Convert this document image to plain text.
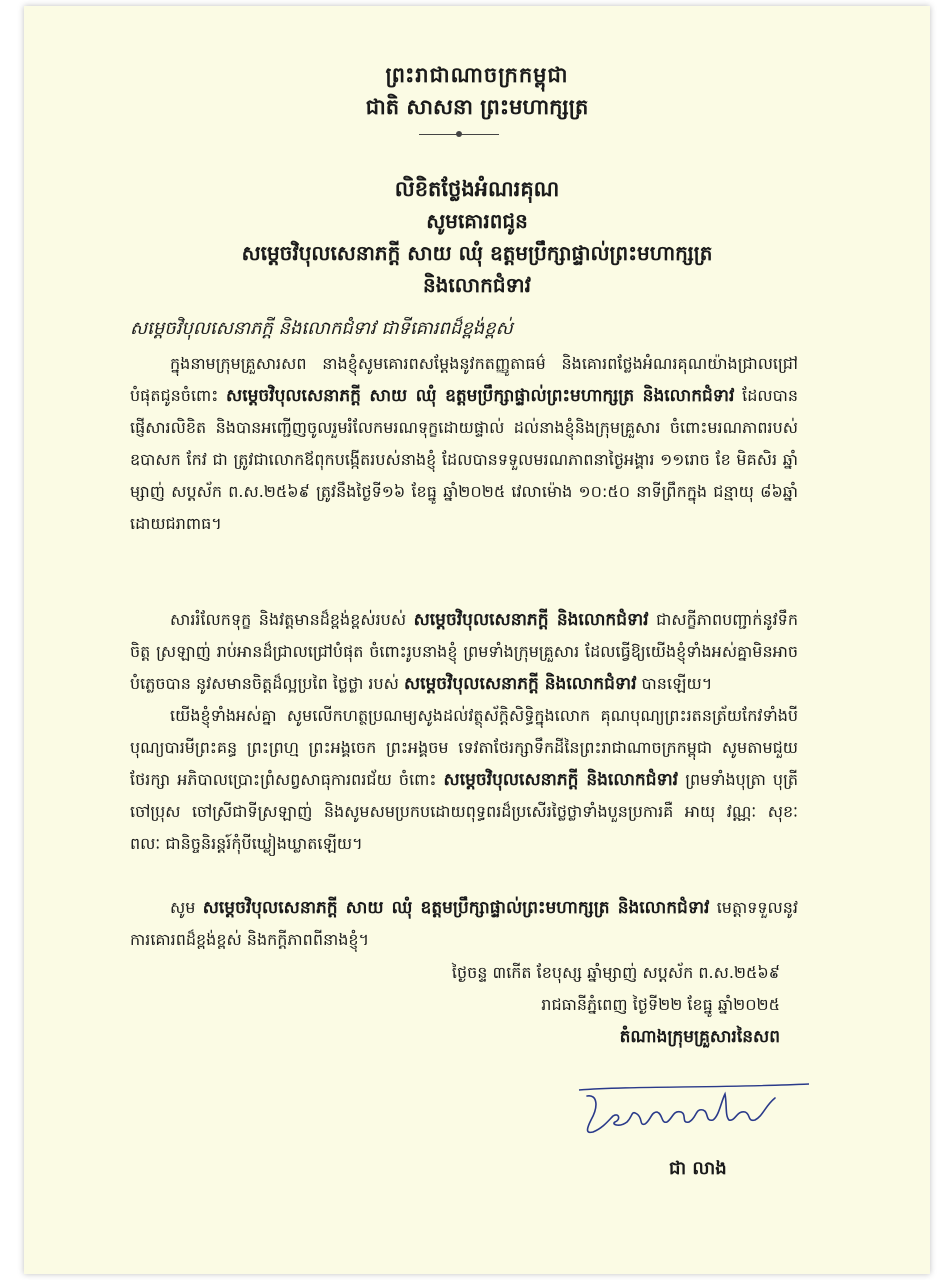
ព្រះរាជាណាចក្រកម្ពុជា
ជាតិ សាសនា ព្រះមហាក្សត្រ
លិខិតថ្លែងអំណរគុណ
សូមគោរពជូន
សម្តេចវិបុលសេនាភក្តី សាយ ឈុំ ឧត្តមប្រឹក្សាផ្ទាល់ព្រះមហាក្សត្រ
និងលោកជំទាវ
សម្តេចវិបុលសេនាភក្តី និងលោកជំទាវ ជាទីគោរពដ៏ខ្ពង់ខ្ពស់
ក្នុងនាមក្រុមគ្រួសារសព នាងខ្ញុំសូមគោរពសម្តែងនូវកតញ្ញូតាធម៌ និងគោរពថ្លែងអំណរគុណយ៉ាងជ្រាលជ្រៅបំផុតជូនចំពោះ សម្តេចវិបុលសេនាភក្តី សាយ ឈុំ ឧត្តមប្រឹក្សាផ្ទាល់ព្រះមហាក្សត្រ និងលោកជំទាវ ដែលបានផ្ញើសារលិខិត និងបានអញ្ជើញចូលរួមរំលែកមរណទុក្ខដោយផ្ទាល់ ដល់នាងខ្ញុំនិងក្រុមគ្រួសារ ចំពោះមរណភាពរបស់ ឧបាសក កែវ ជា ត្រូវជាលោកឪពុកបង្កើតរបស់នាងខ្ញុំ ដែលបានទទួលមរណភាពនាថ្ងៃអង្គារ ១១រោច ខែ មិគសិរ ឆ្នាំម្សាញ់ សប្តស័ក ព.ស.២៥៦៩ ត្រូវនឹងថ្ងៃទី១៦ ខែធ្នូ ឆ្នាំ២០២៥ វេលាម៉ោង ១០:៥០ នាទីព្រឹកក្នុង ជន្មាយុ ៨៦ឆ្នាំ ដោយជរាពាធ។
សាររំលែកទុក្ខ និងវត្តមានដ៏ខ្ពង់ខ្ពស់របស់ សម្តេចវិបុលសេនាភក្តី និងលោកជំទាវ ជាសក្ខីភាពបញ្ជាក់នូវទឹកចិត្ត ស្រឡាញ់ រាប់អានដ៏ជ្រាលជ្រៅបំផុត ចំពោះរូបនាងខ្ញុំ ព្រមទាំងក្រុមគ្រួសារ ដែលធ្វើឱ្យយើងខ្ញុំទាំងអស់គ្នាមិនអាចបំភ្លេចបាន នូវសមានចិត្តដ៏ល្អប្រពៃ ថ្លៃថ្លា របស់ សម្តេចវិបុលសេនាភក្តី និងលោកជំទាវ បានឡើយ។
យើងខ្ញុំទាំងអស់គ្នា សូមលើកហត្ថប្រណម្យសូងដល់វត្ថុស័ក្តិសិទ្ធិក្នុងលោក គុណបុណ្យព្រះរតនត្រ័យកែវទាំងបី បុណ្យបារមីព្រះគន្ធ ព្រះព្រហ្ម ព្រះអង្គចេក ព្រះអង្គចម ទេវតាថែរក្សាទឹកដីនៃព្រះរាជាណាចក្រកម្ពុជា សូមតាមជួយថែរក្សា អភិបាលប្រោះព្រំសព្វសាធុការពរជ័យ ចំពោះ សម្តេចវិបុលសេនាភក្តី និងលោកជំទាវ ព្រមទាំងបុត្រា បុត្រី ចៅប្រុស ចៅស្រីជាទីស្រឡាញ់ និងសូមសមប្រកបដោយពុទ្ធពរដ៏ប្រសើរថ្លៃថ្លាទាំងបួនប្រការគឺ អាយុ វណ្ណៈ សុខៈ ពលៈ ជានិច្ចនិរន្តរ៍កុំបីឃ្លៀងឃ្លាតឡើយ។
សូម សម្តេចវិបុលសេនាភក្តី សាយ ឈុំ ឧត្តមប្រឹក្សាផ្ទាល់ព្រះមហាក្សត្រ និងលោកជំទាវ មេត្តាទទួលនូវការគោរពដ៏ខ្ពង់ខ្ពស់ និងកក្តីភាពពីនាងខ្ញុំ។
ថ្ងៃចន្ទ ៣កើត ខែបុស្ស ឆ្នាំម្សាញ់ សប្តស័ក ព.ស.២៥៦៩
រាជធានីភ្នំពេញ ថ្ងៃទី២២ ខែធ្នូ ឆ្នាំ២០២៥
តំណាងក្រុមគ្រួសារនៃសព
ជា លាង
